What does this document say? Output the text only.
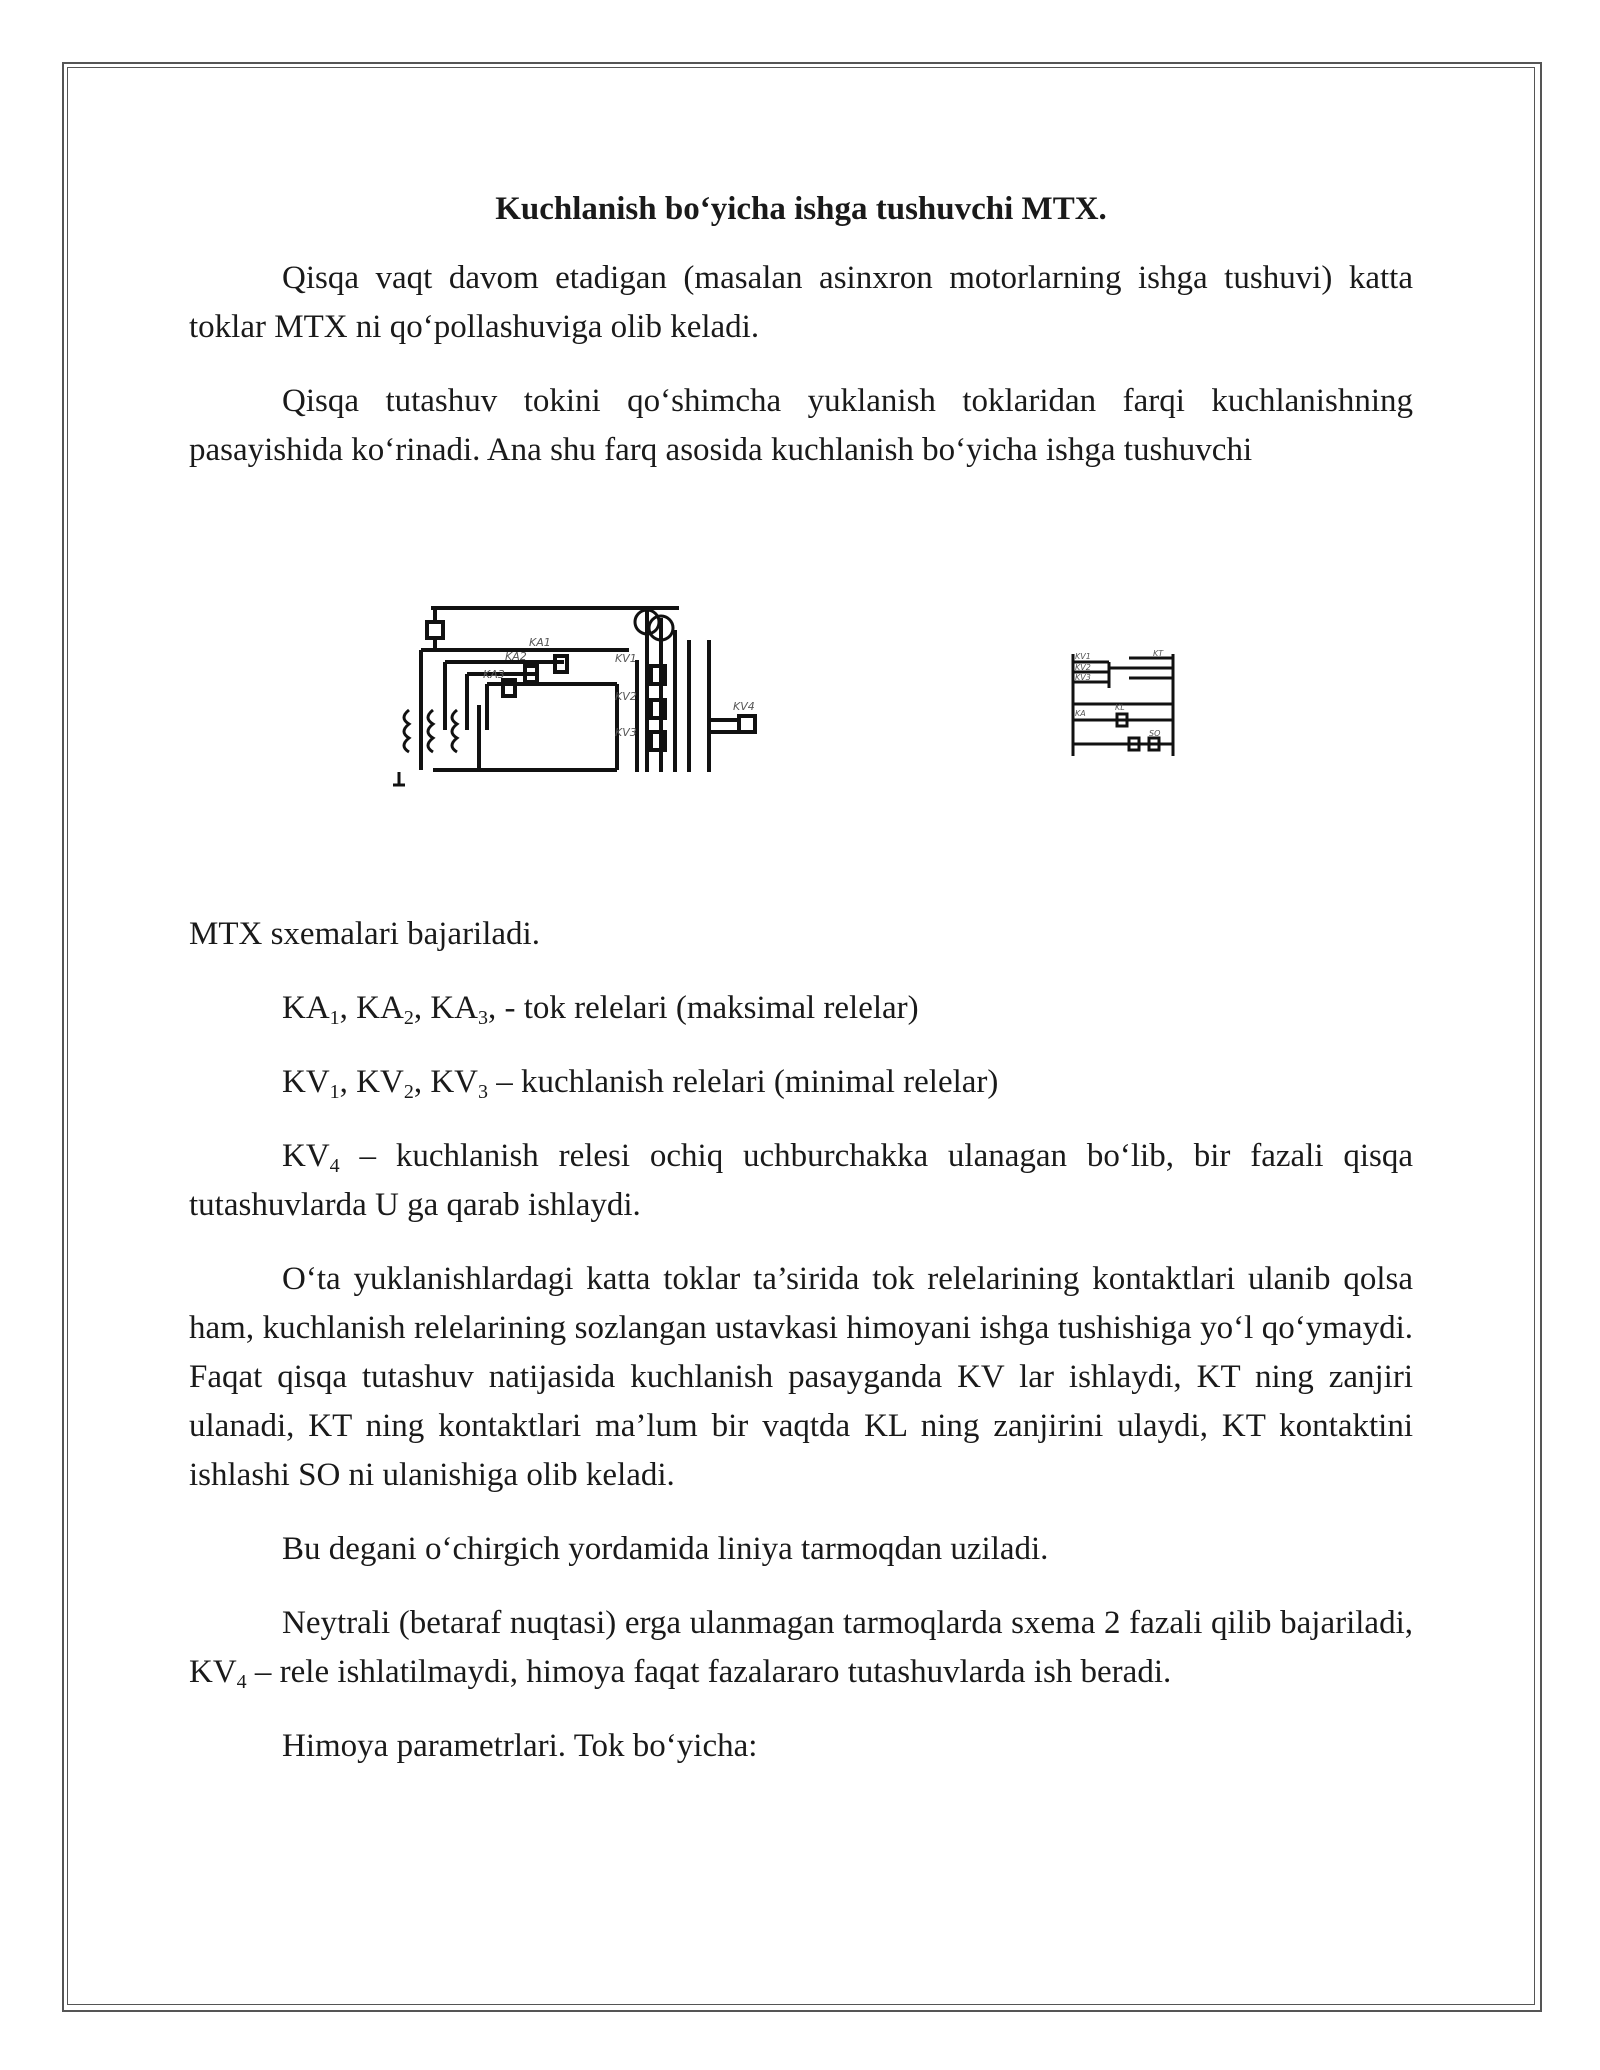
Kuchlanish bo‘yicha ishga tushuvchi MTX.

Qisqa vaqt davom etadigan (masalan asinxron motorlarning ishga tushuvi) katta toklar MTX ni qo‘pollashuviga olib keladi.

Qisqa tutashuv tokini qo‘shimcha yuklanish toklaridan farqi kuchlanishning pasayishida ko‘rinadi. Ana shu farq asosida kuchlanish bo‘yicha ishga tushuvchi

KA1
KA2
KA3
KV1
KV2
KV3
KV4
KV1
KV2
KV3
KT
KL
KA
SO

MTX sxemalari bajariladi.

$KA_1$, $KA_2$, $KA_3$, - tok relelari (maksimal relelar)

$KV_1$, $KV_2$, $KV_3$ – kuchlanish relelari (minimal relelar)

$KV_4$ – kuchlanish relesi ochiq uchburchakka ulanagan bo‘lib, bir fazali qisqa tutashuvlarda U ga qarab ishlaydi.

O‘ta yuklanishlardagi katta toklar ta’sirida tok relelarining kontaktlari ulanib qolsa ham, kuchlanish relelarining sozlangan ustavkasi himoyani ishga tushishiga yo‘l qo‘ymaydi. Faqat qisqa tutashuv natijasida kuchlanish pasayganda KV lar ishlaydi, KT ning zanjiri ulanadi, KT ning kontaktlari ma’lum bir vaqtda KL ning zanjirini ulaydi, KT kontaktini ishlashi SO ni ulanishiga olib keladi.

Bu degani o‘chirgich yordamida liniya tarmoqdan uziladi.

Neytrali (betaraf nuqtasi) erga ulanmagan tarmoqlarda sxema 2 fazali qilib bajariladi, $KV_4$ – rele ishlatilmaydi, himoya faqat fazalararo tutashuvlarda ish beradi.

Himoya parametrlari. Tok bo‘yicha:
